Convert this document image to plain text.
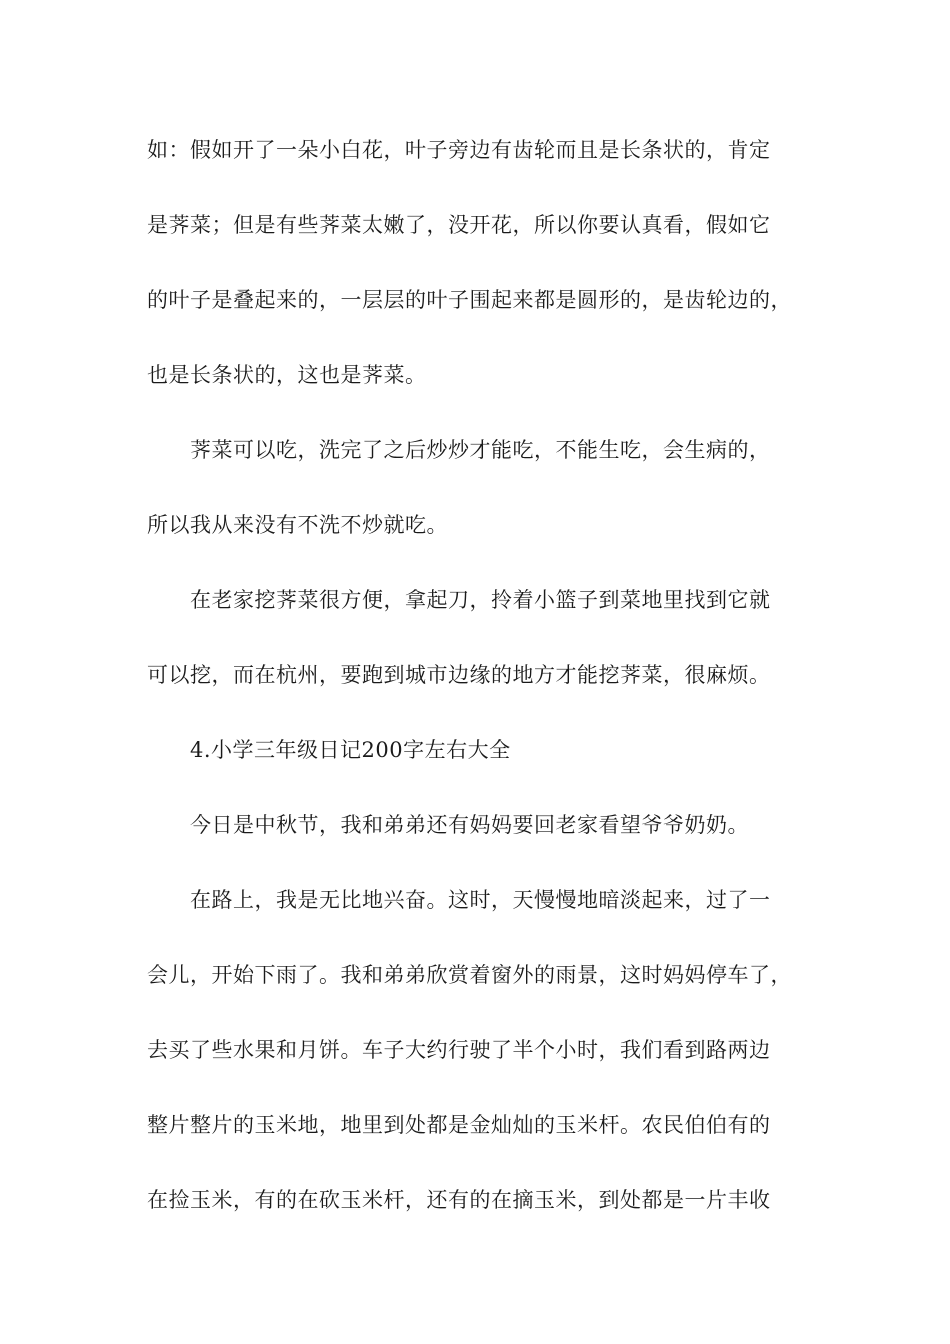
如：假如开了一朵小白花，叶子旁边有齿轮而且是长条状的，肯定
是荠菜；但是有些荠菜太嫩了，没开花，所以你要认真看，假如它
的叶子是叠起来的，一层层的叶子围起来都是圆形的，是齿轮边的，
也是长条状的，这也是荠菜。
荠菜可以吃，洗完了之后炒炒才能吃，不能生吃，会生病的，
所以我从来没有不洗不炒就吃。
在老家挖荠菜很方便，拿起刀，拎着小篮子到菜地里找到它就
可以挖，而在杭州，要跑到城市边缘的地方才能挖荠菜，很麻烦。
4.小学三年级日记200字左右大全
今日是中秋节，我和弟弟还有妈妈要回老家看望爷爷奶奶。
在路上，我是无比地兴奋。这时，天慢慢地暗淡起来，过了一
会儿，开始下雨了。我和弟弟欣赏着窗外的雨景，这时妈妈停车了，
去买了些水果和月饼。车子大约行驶了半个小时，我们看到路两边
整片整片的玉米地，地里到处都是金灿灿的玉米杆。农民伯伯有的
在捡玉米，有的在砍玉米杆，还有的在摘玉米，到处都是一片丰收
